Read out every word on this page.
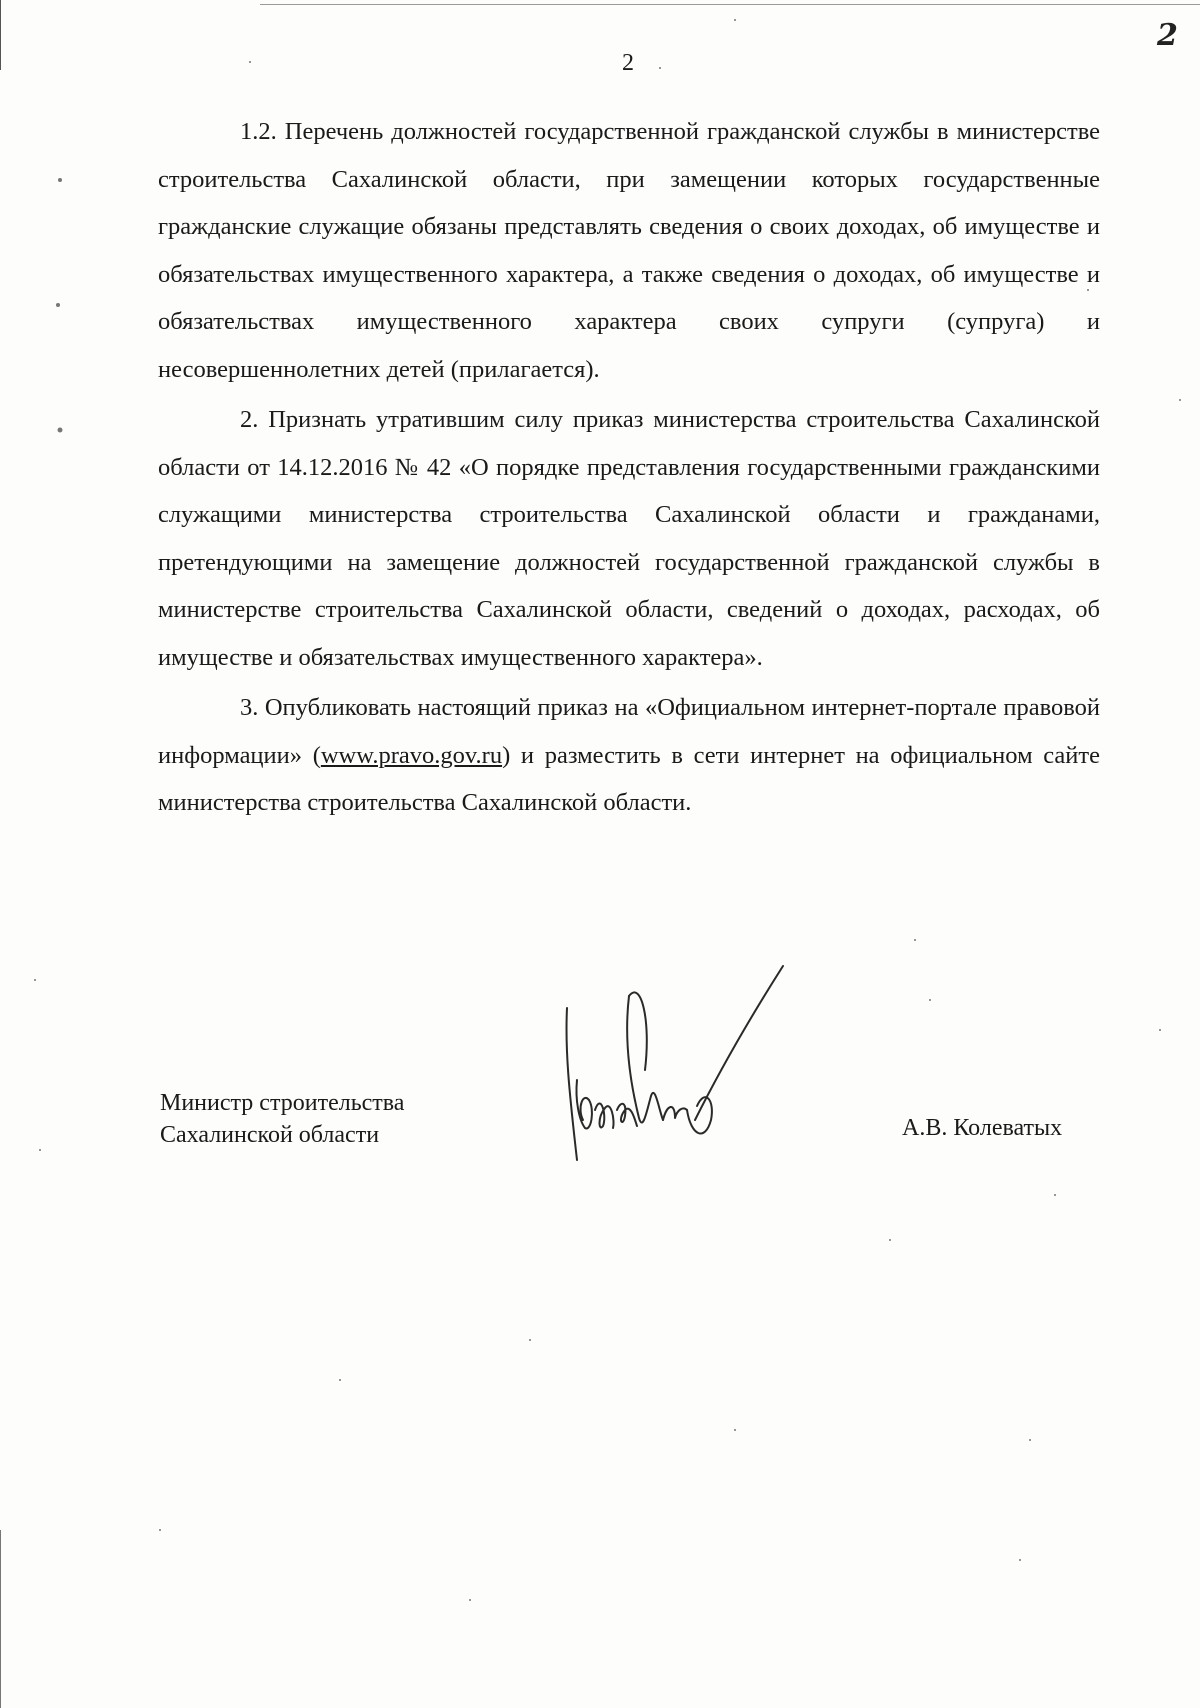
2
2

1.2. Перечень должностей государственной гражданской службы в министерстве строительства Сахалинской области, при замещении которых государственные гражданские служащие обязаны представлять сведения о своих доходах, об имуществе и обязательствах имущественного характера, а также сведения о доходах, об имуществе и обязательствах имущественного характера своих супруги (супруга) и несовершеннолетних детей (прилагается).

2. Признать утратившим силу приказ министерства строительства Сахалинской области от 14.12.2016 № 42 «О порядке представления государственными гражданскими служащими министерства строительства Сахалинской области и гражданами, претендующими на замещение должностей государственной гражданской службы в министерстве строительства Сахалинской области, сведений о доходах, расходах, об имуществе и обязательствах имущественного характера».

3. Опубликовать настоящий приказ на «Официальном интернет-портале правовой информации» (www.pravo.gov.ru) и разместить в сети интернет на официальном сайте министерства строительства Сахалинской области.

Министр строительства
Сахалинской области	А.В. Колеватых
